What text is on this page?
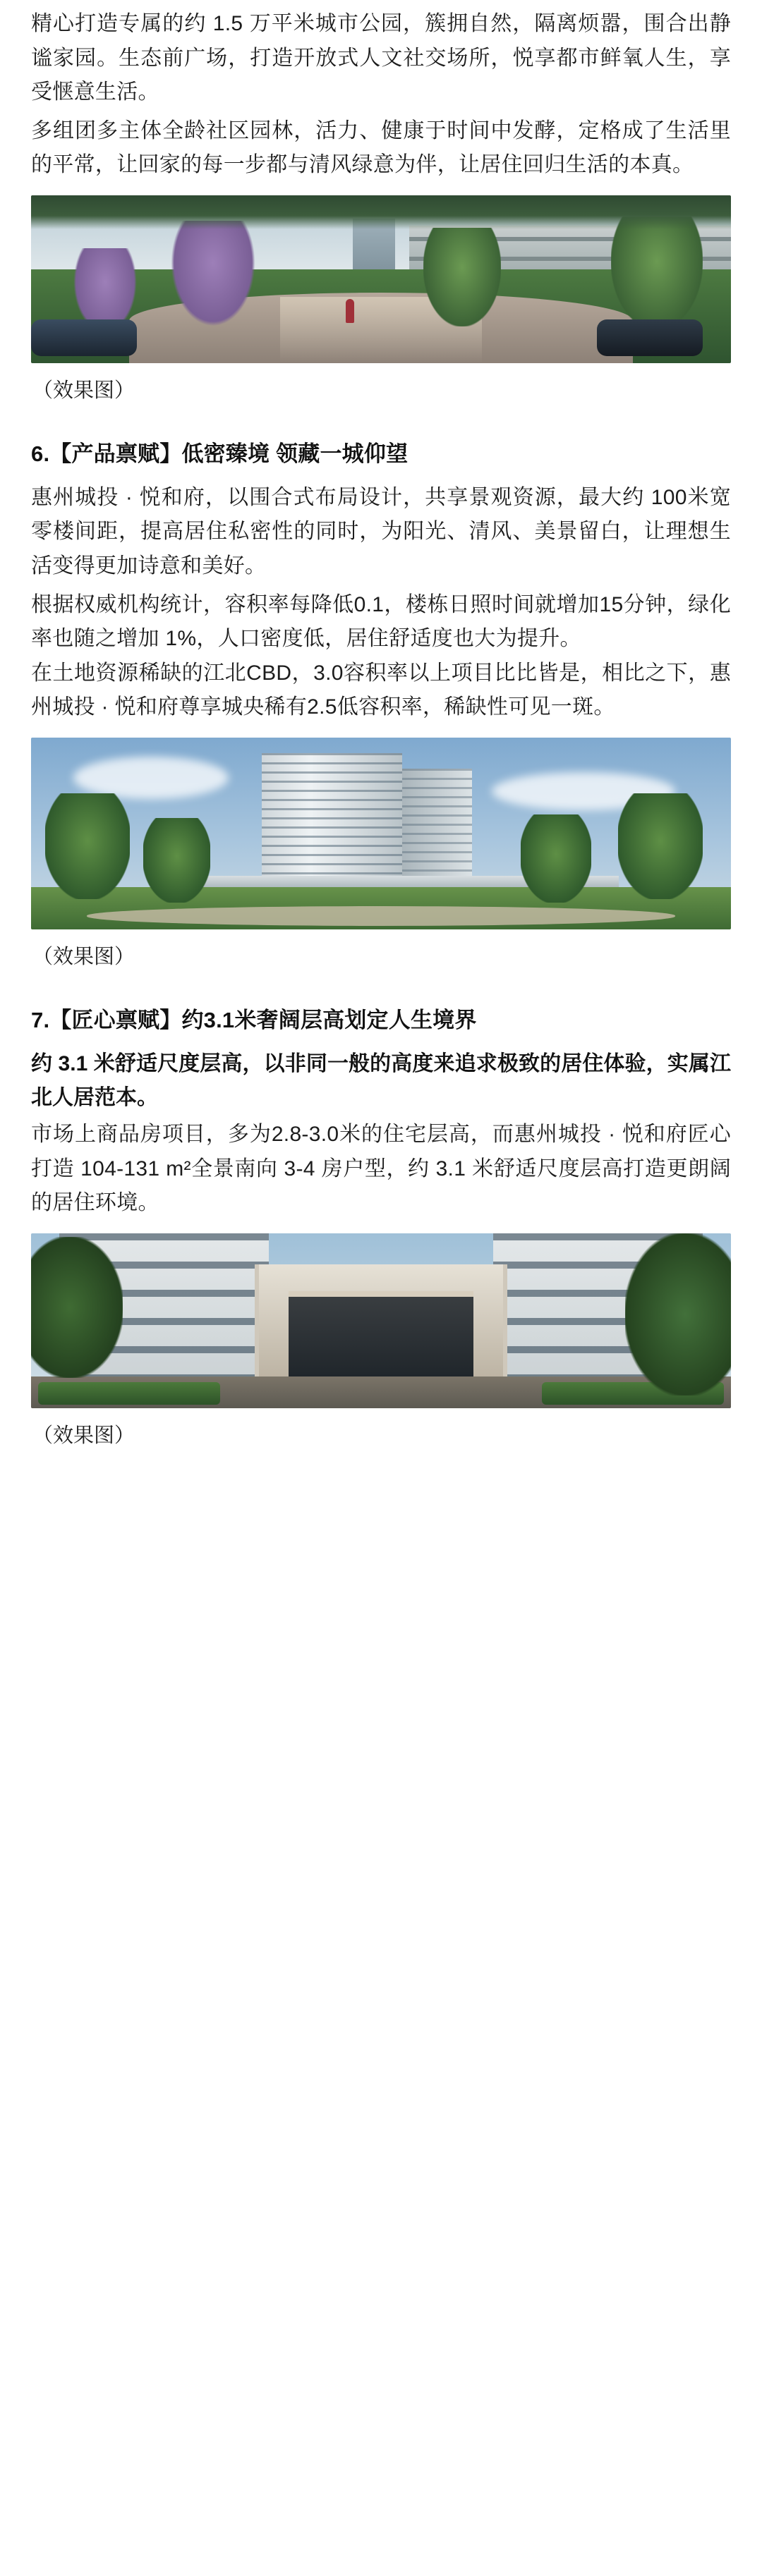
精心打造专属的约 1.5 万平米城市公园，簇拥自然，隔离烦嚣，围合出静谧家园。生态前广场，打造开放式人文社交场所，悦享都市鲜氧人生，享受惬意生活。

多组团多主体全龄社区园林，活力、健康于时间中发酵，定格成了生活里的平常，让回家的每一步都与清风绿意为伴，让居住回归生活的本真。

（效果图）
6.【产品禀赋】低密臻境 领藏一城仰望

惠州城投 · 悦和府，以围合式布局设计，共享景观资源，最大约 100米宽零楼间距，提高居住私密性的同时，为阳光、清风、美景留白，让理想生活变得更加诗意和美好。

根据权威机构统计，容积率每降低0.1，楼栋日照时间就增加15分钟，绿化率也随之增加 1%，人口密度低，居住舒适度也大为提升。

在土地资源稀缺的江北CBD，3.0容积率以上项目比比皆是，相比之下，惠州城投 · 悦和府尊享城央稀有2.5低容积率，稀缺性可见一斑。

（效果图）
7.【匠心禀赋】约3.1米奢阔层高划定人生境界

约 3.1 米舒适尺度层高，以非同一般的高度来追求极致的居住体验，实属江北人居范本。

市场上商品房项目，多为2.8-3.0米的住宅层高，而惠州城投 · 悦和府匠心打造 104-131 m²全景南向 3-4 房户型，约 3.1 米舒适尺度层高打造更朗阔的居住环境。

（效果图）
